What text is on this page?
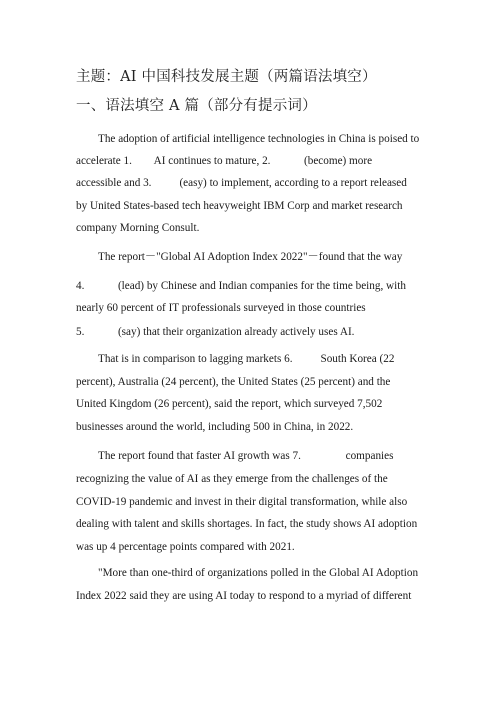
主题：AI 中国科技发展主题（两篇语法填空）
一、语法填空 A 篇（部分有提示词）
The adoption of artificial intelligence technologies in China is poised to
accelerate 1.        AI continues to mature, 2.            (become) more
accessible and 3.          (easy) to implement, according to a report released
by United States-based tech heavyweight IBM Corp and market research
company Morning Consult.
The report－"Global AI Adoption Index 2022"－found that the way
4.            (lead) by Chinese and Indian companies for the time being, with
nearly 60 percent of IT professionals surveyed in those countries
5.            (say) that their organization already actively uses AI.
That is in comparison to lagging markets 6.          South Korea (22
percent), Australia (24 percent), the United States (25 percent) and the
United Kingdom (26 percent), said the report, which surveyed 7,502
businesses around the world, including 500 in China, in 2022.
The report found that faster AI growth was 7.                companies
recognizing the value of AI as they emerge from the challenges of the
COVID-19 pandemic and invest in their digital transformation, while also
dealing with talent and skills shortages. In fact, the study shows AI adoption
was up 4 percentage points compared with 2021.
"More than one-third of organizations polled in the Global AI Adoption
Index 2022 said they are using AI today to respond to a myriad of different
